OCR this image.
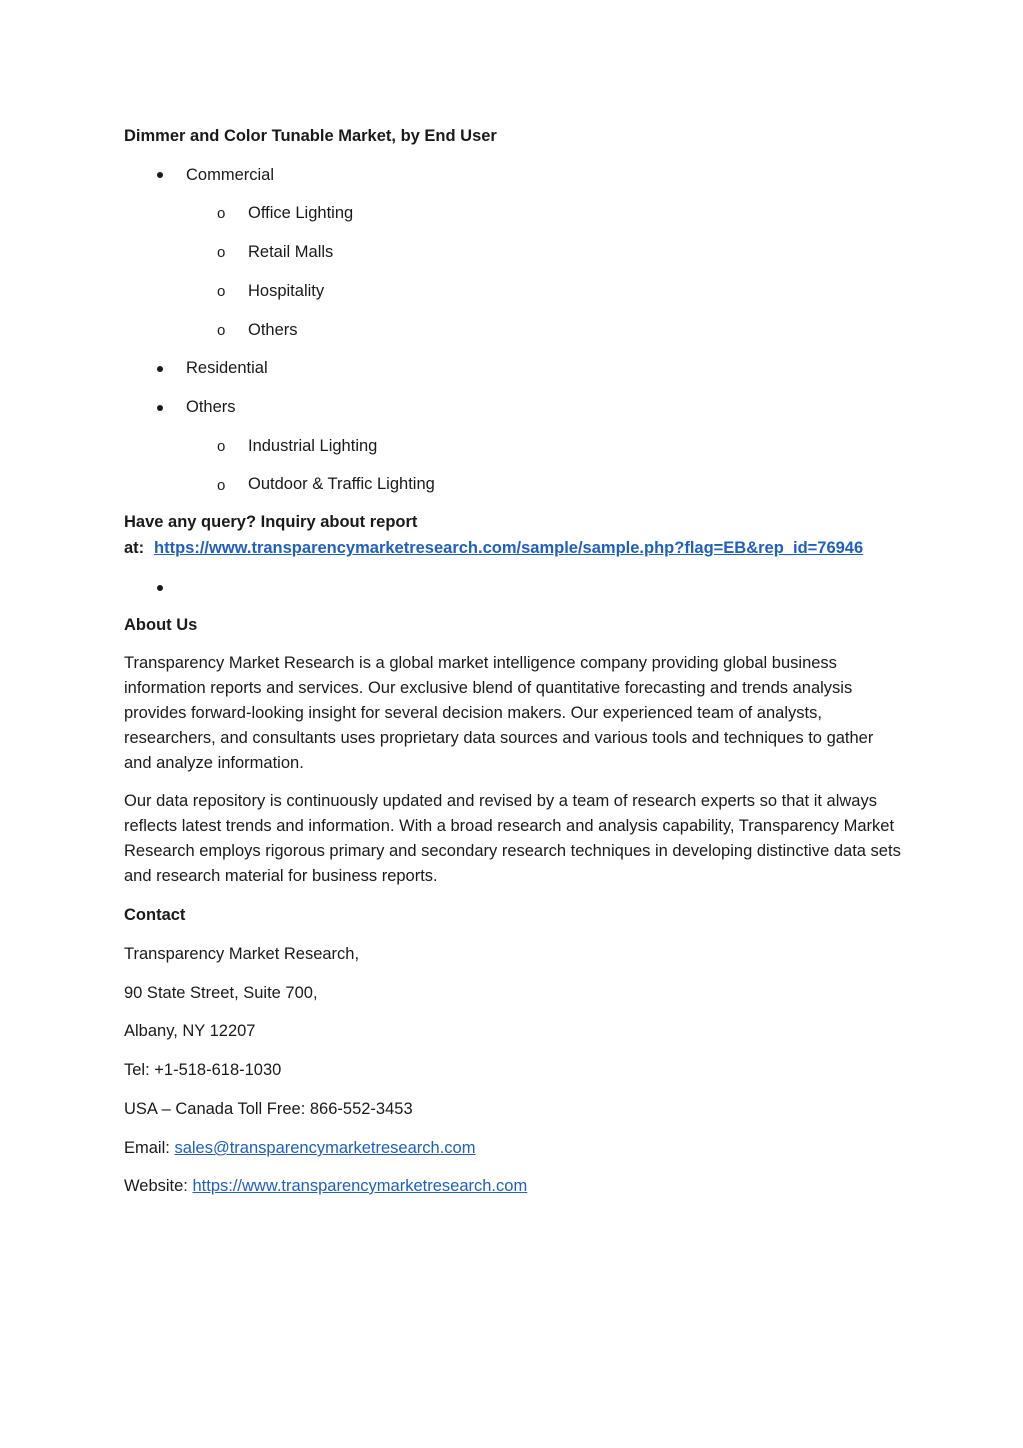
Dimmer and Color Tunable Market, by End User
Commercial
o Office Lighting
o Retail Malls
o Hospitality
o Others
Residential
Others
o Industrial Lighting
o Outdoor & Traffic Lighting
Have any query? Inquiry about report
at: https://www.transparencymarketresearch.com/sample/sample.php?flag=EB&rep_id=76946
About Us
Transparency Market Research is a global market intelligence company providing global business information reports and services. Our exclusive blend of quantitative forecasting and trends analysis provides forward-looking insight for several decision makers. Our experienced team of analysts, researchers, and consultants uses proprietary data sources and various tools and techniques to gather and analyze information.
Our data repository is continuously updated and revised by a team of research experts so that it always reflects latest trends and information. With a broad research and analysis capability, Transparency Market Research employs rigorous primary and secondary research techniques in developing distinctive data sets and research material for business reports.
Contact
Transparency Market Research,
90 State Street, Suite 700,
Albany, NY 12207
Tel: +1-518-618-1030
USA – Canada Toll Free: 866-552-3453
Email: sales@transparencymarketresearch.com
Website: https://www.transparencymarketresearch.com
